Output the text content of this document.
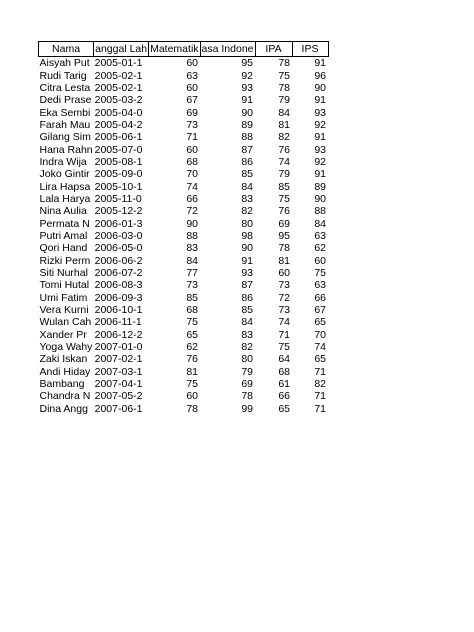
Nama	anggal Lah	Matematik	asa Indone	IPA	IPS
Aisyah Put	2005-01-1	60	95	78	91
Rudi Tarig	2005-02-1	63	92	75	96
Citra Lesta	2005-02-1	60	93	78	90
Dedi Prase	2005-03-2	67	91	79	91
Eka Sembi	2005-04-0	69	90	84	93
Farah Mau	2005-04-2	73	89	81	92
Gilang Sim	2005-06-1	71	88	82	91
Hana Rahn	2005-07-0	60	87	76	93
Indra Wija	2005-08-1	68	86	74	92
Joko Gintir	2005-09-0	70	85	79	91
Lira Hapsa	2005-10-1	74	84	85	89
Lala Harya	2005-11-0	66	83	75	90
Nina Aulia	2005-12-2	72	82	76	88
Permata N	2006-01-3	90	80	69	84
Putri Amal	2006-03-0	88	98	95	63
Qori Hand	2006-05-0	83	90	78	62
Rizki Perm	2006-06-2	84	91	81	60
Siti Nurhal	2006-07-2	77	93	60	75
Tomi Hutal	2006-08-3	73	87	73	63
Umi Fatim	2006-09-3	85	86	72	66
Vera Kurni	2006-10-1	68	85	73	67
Wulan Cah	2006-11-1	75	84	74	65
Xander Pr	2006-12-2	65	83	71	70
Yoga Wahy	2007-01-0	62	82	75	74
Zaki Iskan	2007-02-1	76	80	64	65
Andi Hiday	2007-03-1	81	79	68	71
Bambang	2007-04-1	75	69	61	82
Chandra N	2007-05-2	60	78	66	71
Dina Angg	2007-06-1	78	99	65	71
